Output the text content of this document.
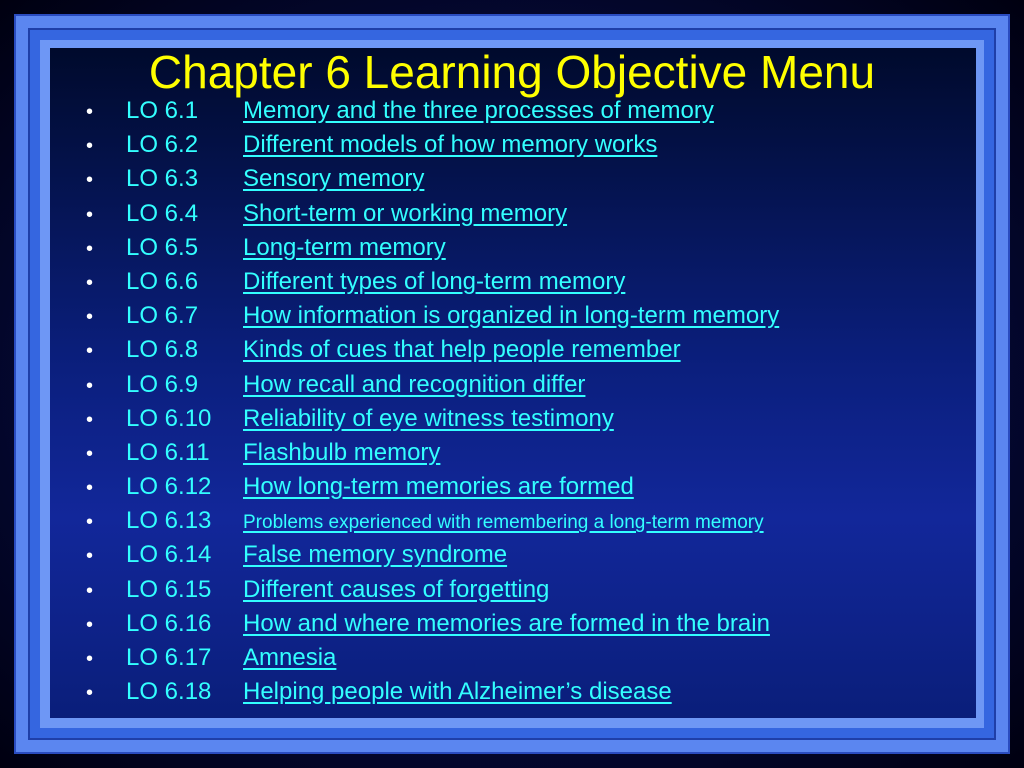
Chapter 6 Learning Objective Menu
•	LO 6.1 Memory and the three processes of memory
•	LO 6.2 Different models of how memory works
•	LO 6.3 Sensory memory
•	LO 6.4 Short-term or working memory
•	LO 6.5 Long-term memory
•	LO 6.6 Different types of long-term memory
•	LO 6.7 How information is organized in long-term memory
•	LO 6.8 Kinds of cues that help people remember
•	LO 6.9 How recall and recognition differ
•	LO 6.10 Reliability of eye witness testimony
•	LO 6.11 Flashbulb memory
•	LO 6.12 How long-term memories are formed
•	LO 6.13 Problems experienced with remembering a long-term memory
•	LO 6.14 False memory syndrome
•	LO 6.15 Different causes of forgetting
•	LO 6.16 How and where memories are formed in the brain
•	LO 6.17 Amnesia
•	LO 6.18 Helping people with Alzheimer’s disease
